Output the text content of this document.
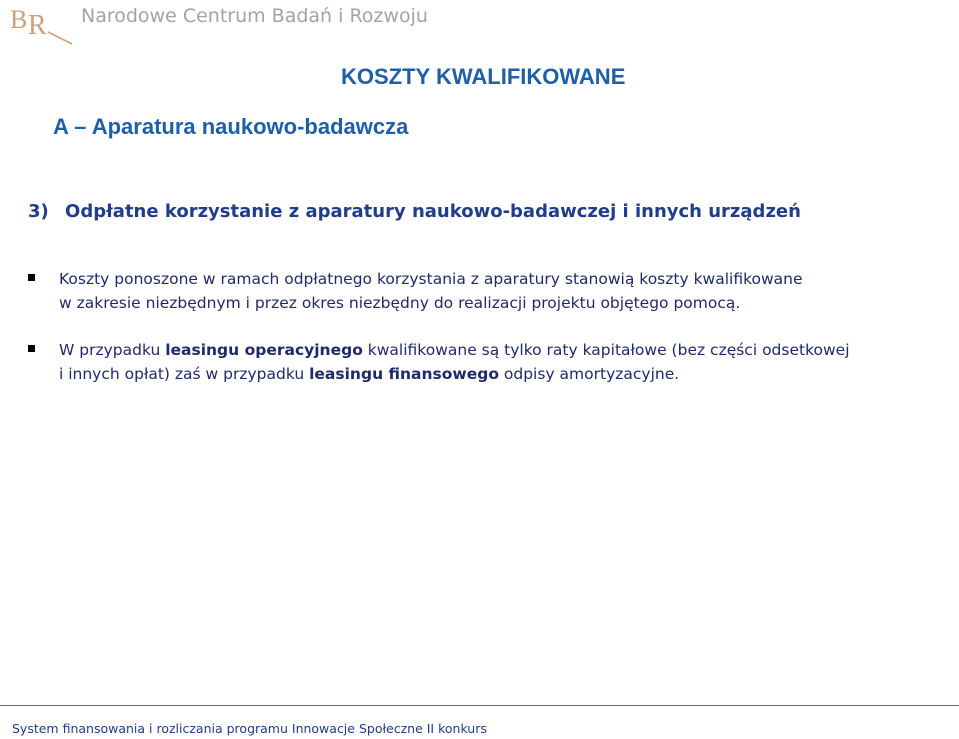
B R Narodowe Centrum Badań i Rozwoju
KOSZTY KWALIFIKOWANE
A – Aparatura naukowo-badawcza
3) Odpłatne korzystanie z aparatury naukowo-badawczej i innych urządzeń
Koszty ponoszone w ramach odpłatnego korzystania z aparatury stanowią koszty kwalifikowane
w zakresie niezbędnym i przez okres niezbędny do realizacji projektu objętego pomocą.
W przypadku leasingu operacyjnego kwalifikowane są tylko raty kapitałowe (bez części odsetkowej
i innych opłat) zaś w przypadku leasingu finansowego odpisy amortyzacyjne.
System finansowania i rozliczania programu Innowacje Społeczne II konkurs
